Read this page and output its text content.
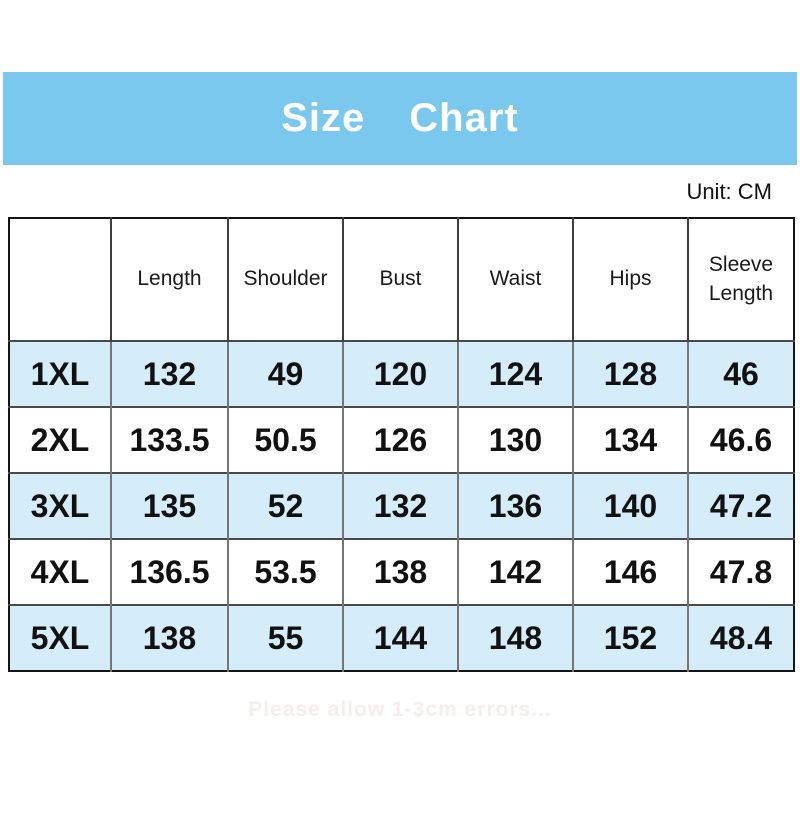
Size Chart
Unit: CM
	Length	Shoulder	Bust	Waist	Hips	Sleeve Length
1XL	132	49	120	124	128	46
2XL	133.5	50.5	126	130	134	46.6
3XL	135	52	132	136	140	47.2
4XL	136.5	53.5	138	142	146	47.8
5XL	138	55	144	148	152	48.4
Please allow 1-3cm errors...
